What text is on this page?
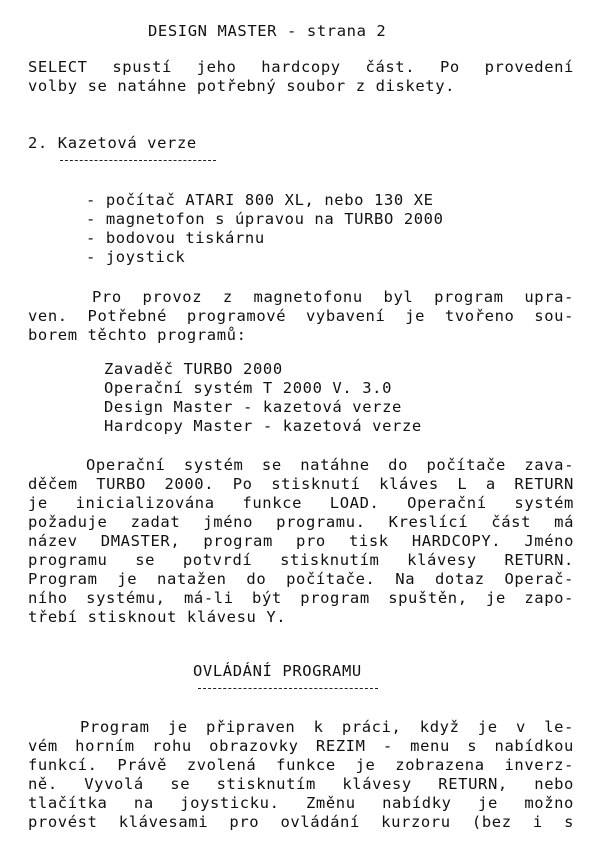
DESIGN MASTER - strana 2
SELECT spustí jeho hardcopy část. Po provedení
volby se natáhne potřebný soubor z diskety.
2. Kazetová verze
- počítač ATARI 800 XL, nebo 130 XE
- magnetofon s úpravou na TURBO 2000
- bodovou tiskárnu
- joystick
Pro provoz z magnetofonu byl program upra-
ven. Potřebné programové vybavení je tvořeno sou-
borem těchto programů:
Zavaděč TURBO 2000
Operační systém T 2000 V. 3.0
Design Master - kazetová verze
Hardcopy Master - kazetová verze
Operační systém se natáhne do počítače zava-
děčem TURBO 2000. Po stisknutí kláves L a RETURN
je inicializována funkce LOAD. Operační systém
požaduje zadat jméno programu. Kreslící část má
název DMASTER, program pro tisk HARDCOPY. Jméno
programu se potvrdí stisknutím klávesy RETURN.
Program je natažen do počítače. Na dotaz Operač-
ního systému, má-li být program spuštěn, je zapo-
třebí stisknout klávesu Y.
OVLÁDÁNÍ PROGRAMU
Program je připraven k práci, když je v le-
vém horním rohu obrazovky REZIM - menu s nabídkou
funkcí. Právě zvolená funkce je zobrazena inverz-
ně. Vyvolá se stisknutím klávesy RETURN, nebo
tlačítka na joysticku. Změnu nabídky je možno
provést klávesami pro ovládání kurzoru (bez i s
